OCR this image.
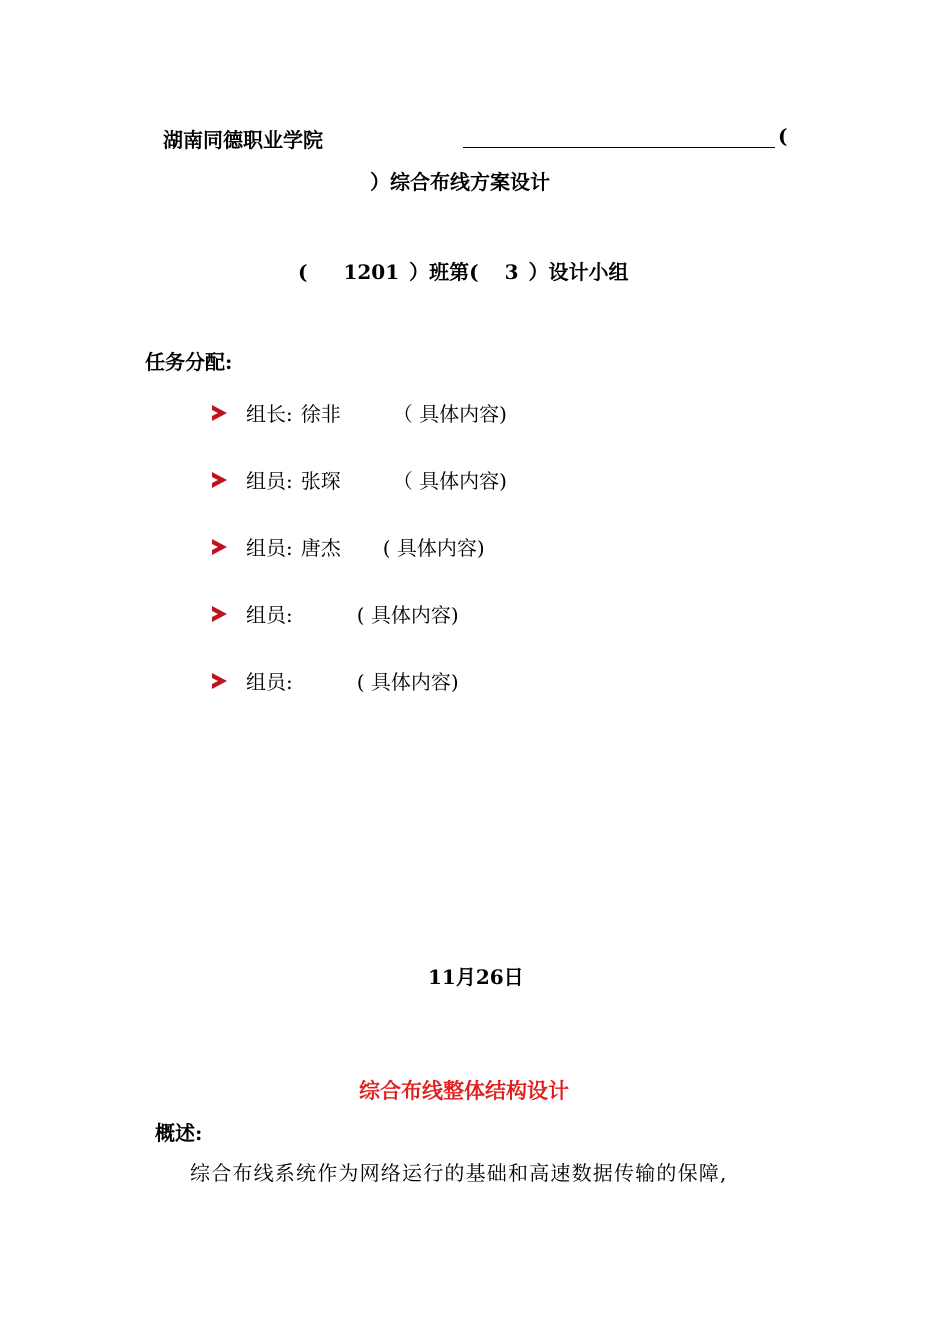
湖南同德职业学院	(
）综合布线方案设计
( 1201 ）班第( 3 ）设计小组
任务分配:
组长: 徐非	（ 具体内容)
组员: 张琛	（ 具体内容)
组员: 唐杰	( 具体内容)
组员:	( 具体内容)
组员:	( 具体内容)
11月26日
综合布线整体结构设计
概述:
综合布线系统作为网络运行的基础和高速数据传输的保障,
